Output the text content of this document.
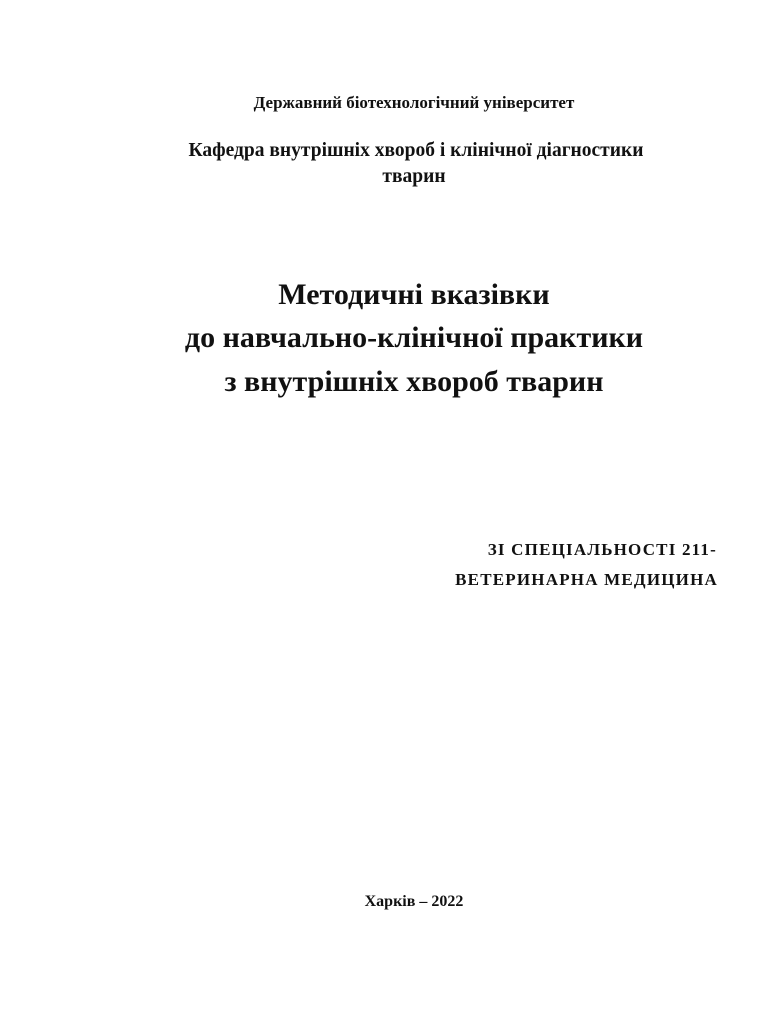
Державний біотехнологічний університет

Кафедра внутрішніх хвороб і клінічної діагностики

тварин

Методичні вказівки

до навчально-клінічної практики

з внутрішніх хвороб тварин

ЗІ СПЕЦІАЛЬНОСТІ 211-

ВЕТЕРИНАРНА МЕДИЦИНА

Харків – 2022
